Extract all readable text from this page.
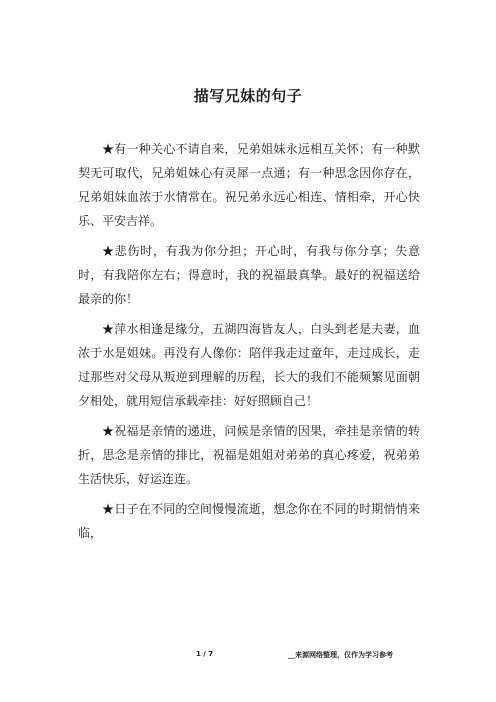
描写兄妹的句子

★有一种关心不请自来，兄弟姐妹永远相互关怀；有一种默契无可取代，兄弟姐妹心有灵犀一点通；有一种思念因你存在，兄弟姐妹血浓于水情常在。祝兄弟永远心相连、情相牵，开心快乐、平安吉祥。

★悲伤时，有我为你分担；开心时，有我与你分享；失意时，有我陪你左右；得意时，我的祝福最真挚。最好的祝福送给最亲的你！

★萍水相逢是缘分，五湖四海皆友人，白头到老是夫妻，血浓于水是姐妹。再没有人像你：陪伴我走过童年，走过成长，走过那些对父母从叛逆到理解的历程，长大的我们不能频繁见面朝夕相处，就用短信承载牵挂：好好照顾自己！

★祝福是亲情的递进，问候是亲情的因果，牵挂是亲情的转折，思念是亲情的排比，祝福是姐姐对弟弟的真心疼爱，祝弟弟生活快乐，好运连连。

★日子在不同的空间慢慢流逝，想念你在不同的时期悄悄来临，

1 / 7	__来源网络整理，仅作为学习参考
